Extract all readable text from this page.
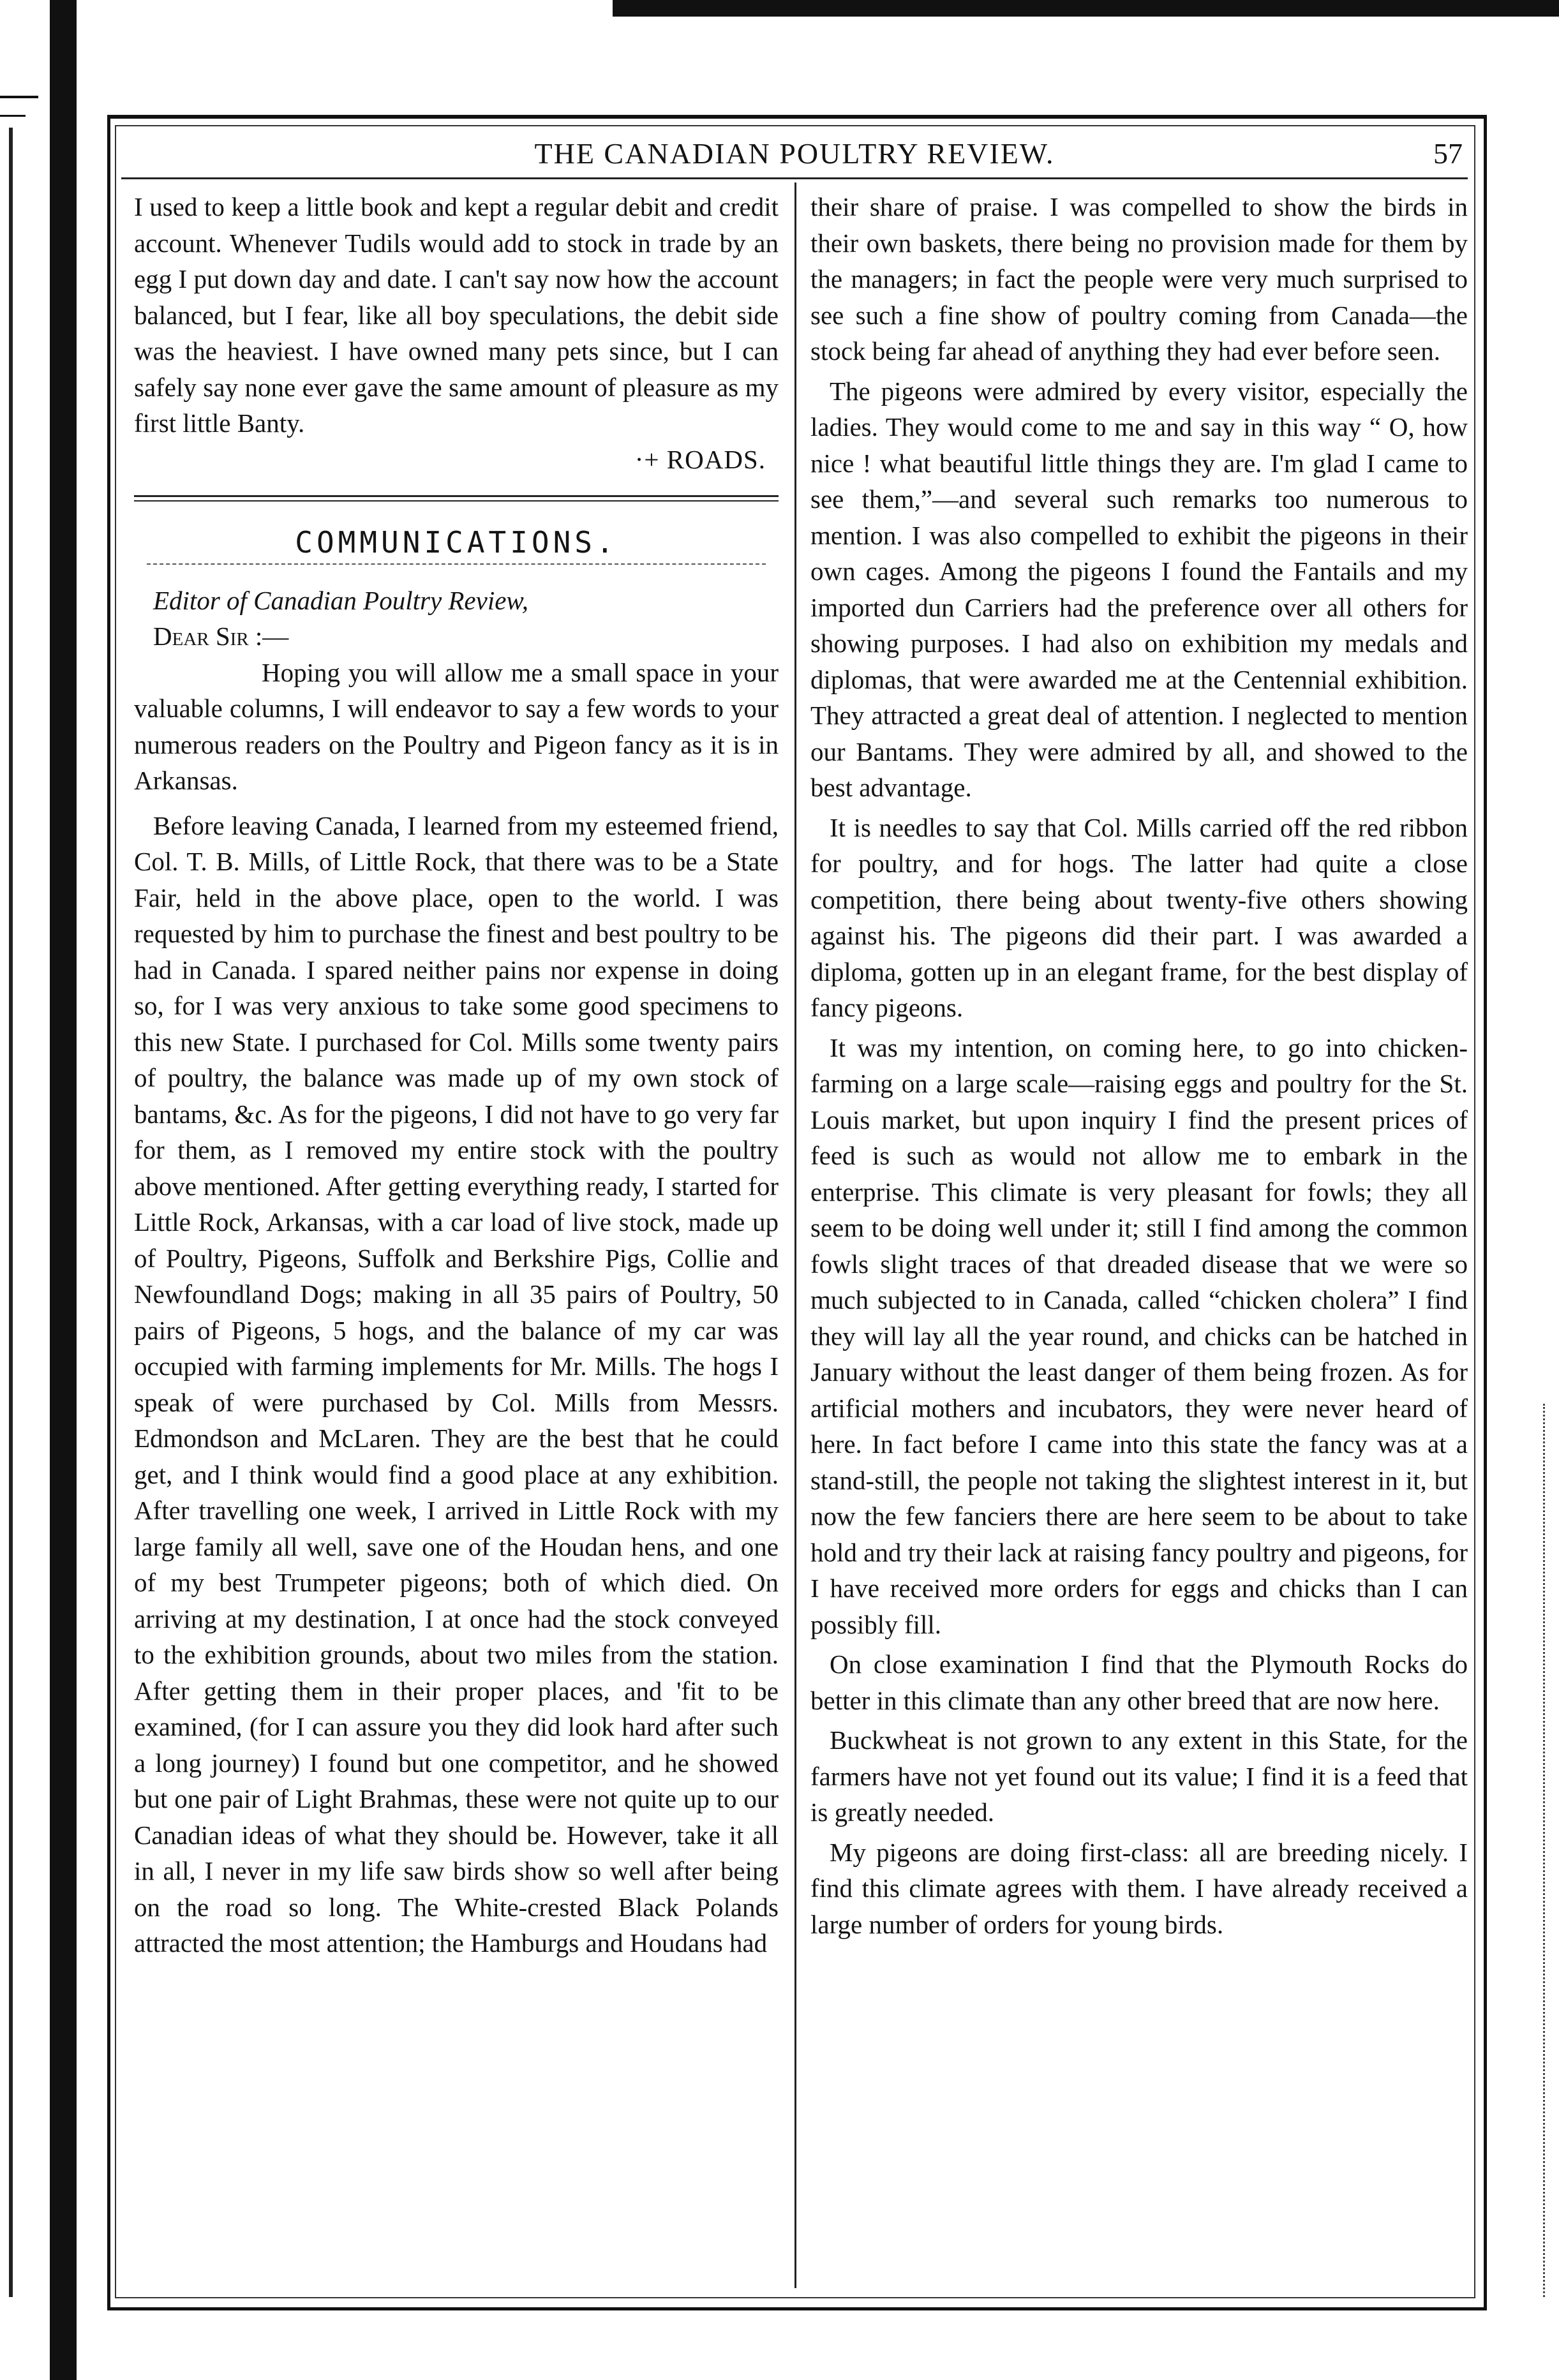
THE CANADIAN POULTRY REVIEW.	57

I used to keep a little book and kept a regular debit and credit account. Whenever Tudils would add to stock in trade by an egg I put down day and date. I can't say now how the account balanced, but I fear, like all boy speculations, the debit side was the heaviest. I have owned many pets since, but I can safely say none ever gave the same amount of pleasure as my first little Banty.

·+ ROADS.

COMMUNICATIONS.

Editor of Canadian Poultry Review,

Dear Sir :—

Hoping you will allow me a small space in your valuable columns, I will endeavor to say a few words to your numerous readers on the Poultry and Pigeon fancy as it is in Arkansas.

Before leaving Canada, I learned from my esteemed friend, Col. T. B. Mills, of Little Rock, that there was to be a State Fair, held in the above place, open to the world. I was requested by him to purchase the finest and best poultry to be had in Canada. I spared neither pains nor expense in doing so, for I was very anxious to take some good specimens to this new State. I purchased for Col. Mills some twenty pairs of poultry, the balance was made up of my own stock of bantams, &c. As for the pigeons, I did not have to go very far for them, as I removed my entire stock with the poultry above mentioned. After getting everything ready, I started for Little Rock, Arkansas, with a car load of live stock, made up of Poultry, Pigeons, Suffolk and Berkshire Pigs, Collie and Newfoundland Dogs; making in all 35 pairs of Poultry, 50 pairs of Pigeons, 5 hogs, and the balance of my car was occupied with farming implements for Mr. Mills. The hogs I speak of were purchased by Col. Mills from Messrs. Edmondson and McLaren. They are the best that he could get, and I think would find a good place at any exhibition. After travelling one week, I arrived in Little Rock with my large family all well, save one of the Houdan hens, and one of my best Trumpeter pigeons; both of which died. On arriving at my destination, I at once had the stock conveyed to the exhibition grounds, about two miles from the station. After getting them in their proper places, and 'fit to be examined, (for I can assure you they did look hard after such a long journey) I found but one competitor, and he showed but one pair of Light Brahmas, these were not quite up to our Canadian ideas of what they should be. However, take it all in all, I never in my life saw birds show so well after being on the road so long. The White-crested Black Polands attracted the most attention; the Hamburgs and Houdans had

their share of praise. I was compelled to show the birds in their own baskets, there being no provision made for them by the managers; in fact the people were very much surprised to see such a fine show of poultry coming from Canada—the stock being far ahead of anything they had ever before seen.

The pigeons were admired by every visitor, especially the ladies. They would come to me and say in this way “ O, how nice ! what beautiful little things they are. I'm glad I came to see them,”—and several such remarks too numerous to mention. I was also compelled to exhibit the pigeons in their own cages. Among the pigeons I found the Fantails and my imported dun Carriers had the preference over all others for showing purposes. I had also on exhibition my medals and diplomas, that were awarded me at the Centennial exhibition. They attracted a great deal of attention. I neglected to mention our Bantams. They were admired by all, and showed to the best advantage.

It is needles to say that Col. Mills carried off the red ribbon for poultry, and for hogs. The latter had quite a close competition, there being about twenty-five others showing against his. The pigeons did their part. I was awarded a diploma, gotten up in an elegant frame, for the best display of fancy pigeons.

It was my intention, on coming here, to go into chicken-farming on a large scale—raising eggs and poultry for the St. Louis market, but upon inquiry I find the present prices of feed is such as would not allow me to embark in the enterprise. This climate is very pleasant for fowls; they all seem to be doing well under it; still I find among the common fowls slight traces of that dreaded disease that we were so much subjected to in Canada, called “chicken cholera” I find they will lay all the year round, and chicks can be hatched in January without the least danger of them being frozen. As for artificial mothers and incubators, they were never heard of here. In fact before I came into this state the fancy was at a stand-still, the people not taking the slightest interest in it, but now the few fanciers there are here seem to be about to take hold and try their lack at raising fancy poultry and pigeons, for I have received more orders for eggs and chicks than I can possibly fill.

On close examination I find that the Plymouth Rocks do better in this climate than any other breed that are now here.

Buckwheat is not grown to any extent in this State, for the farmers have not yet found out its value; I find it is a feed that is greatly needed.

My pigeons are doing first-class: all are breeding nicely. I find this climate agrees with them. I have already received a large number of orders for young birds.
